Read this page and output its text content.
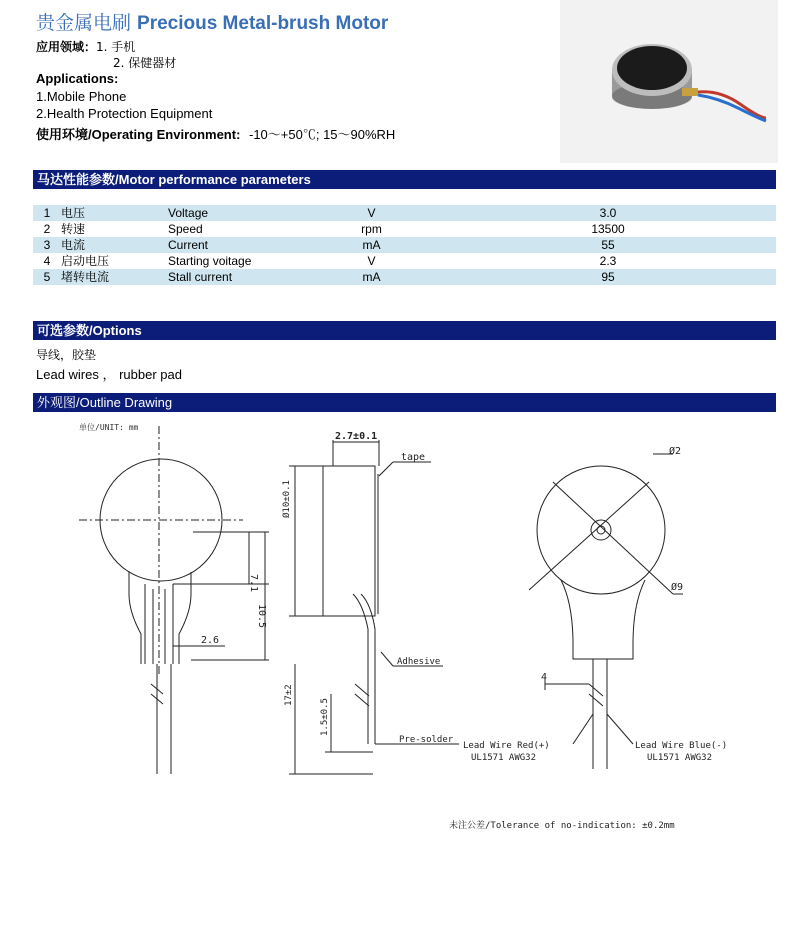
贵金属电刷 Precious Metal-brush Motor
应用领域： 1. 手机
2. 保健器材
Applications:
1.Mobile Phone
2.Health Protection Equipment
使用环境/Operating Environment: -10～+50℃; 15～90%RH
马达性能参数/Motor performance parameters
1	电压	Voltage	V	3.0
2	转速	Speed	rpm	13500
3	电流	Current	mA	55
4	启动电压	Starting voitage	V	2.3
5	堵转电流	Stall current	mA	95
可选参数/Options
导线，胶垫
Lead wires ， rubber pad
外观图/Outline Drawing
单位/UNIT: mm
7.1
10.5
2.6
2.7±0.1
tape
Ø10±0.1
Adhesive
17±2
1.5±0.5
Pre-solder
Ø2
Ø9
4
Lead Wire Red(+)
UL1571 AWG32
Lead Wire Blue(-)
UL1571 AWG32
未注公差/Tolerance of no-indication: ±0.2mm
